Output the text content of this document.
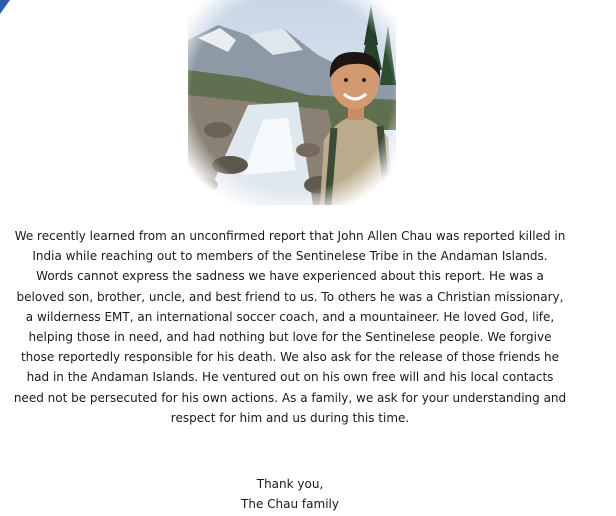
We recently learned from an unconfirmed report that John Allen Chau was reported killed in India while reaching out to members of the Sentinelese Tribe in the Andaman Islands. Words cannot express the sadness we have experienced about this report. He was a beloved son, brother, uncle, and best friend to us. To others he was a Christian missionary, a wilderness EMT, an international soccer coach, and a mountaineer. He loved God, life, helping those in need, and had nothing but love for the Sentinelese people. We forgive those reportedly responsible for his death. We also ask for the release of those friends he had in the Andaman Islands. He ventured out on his own free will and his local contacts need not be persecuted for his own actions. As a family, we ask for your understanding and respect for him and us during this time.

Thank you,
The Chau family
